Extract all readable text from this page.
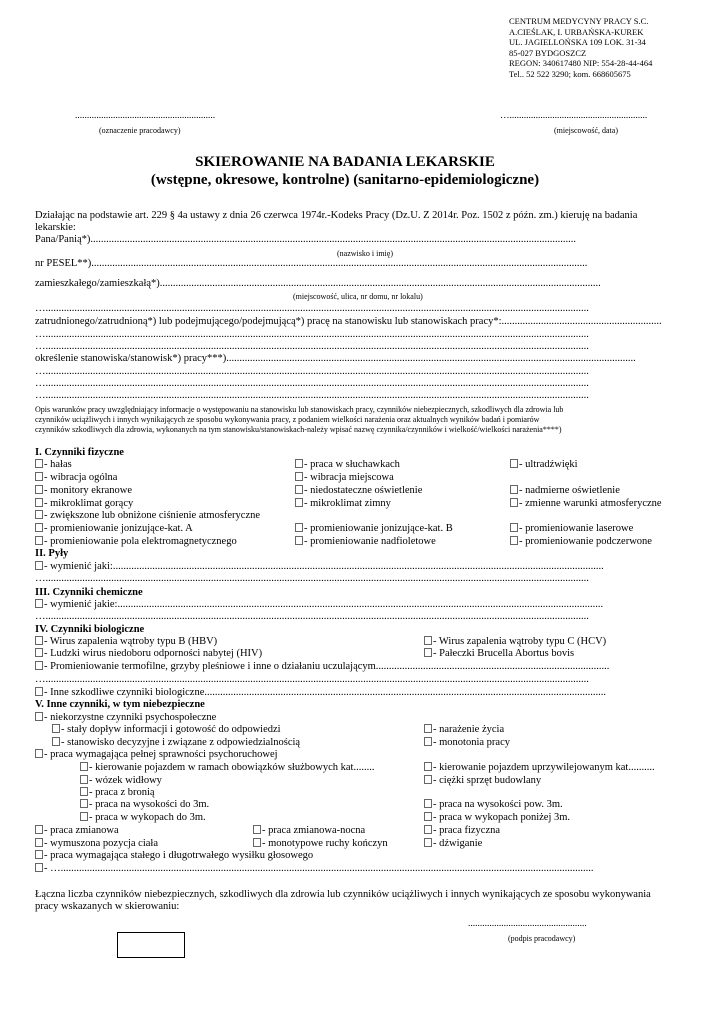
CENTRUM MEDYCYNY PRACY S.C.
A.CIEŚLAK, I. URBAŃSKA-KUREK
UL. JAGIELLOŃSKA 109 LOK. 31-34
85-027 BYDGOSZCZ
REGON: 340617480 NIP: 554-28-44-464
Tel.. 52 522 3290; kom. 668605675
...........................................................
(oznaczenie pracodawcy)
…..........................................................
(miejscowość, data)
SKIEROWANIE NA BADANIA LEKARSKIE
(wstępne, okresowe, kontrolne) (sanitarno-epidemiologiczne)
Działając na podstawie art. 229 § 4a ustawy z dnia 26 czerwca 1974r.-Kodeks Pracy (Dz.U. Z 2014r. Poz. 1502 z późn. zm.) kieruję na badania
lekarskie:
Pana/Panią*).........................................................................................................................................................................................
(nazwisko i imię)
nr PESEL**).............................................................................................................................................................................................
zamieszkałego/zamieszkałą*)........................................................................................................................................................................
(miejscowość, ulica, nr domu, nr lokalu)
…...............................................................................................................................................................................................................
zatrudnionego/zatrudnioną*) lub podejmującego/podejmującą*) pracę na stanowisku lub stanowiskach pracy*:.............................................................
…...............................................................................................................................................................................................................
…...............................................................................................................................................................................................................
określenie stanowiska/stanowisk*) pracy***)............................................................................................................................................................
…...............................................................................................................................................................................................................
…...............................................................................................................................................................................................................
…...............................................................................................................................................................................................................
Opis warunków pracy uwzględniający informacje o występowaniu na stanowisku lub stanowiskach pracy, czynników niebezpiecznych, szkodliwych dla zdrowia lub
czynników uciążliwych i innych wynikających ze sposobu wykonywania pracy, z podaniem wielkości narażenia oraz aktualnych wyników badań i pomiarów
czynników szkodliwych dla zdrowia, wykonanych na tym stanowisku/stanowiskach-należy wpisać nazwę czynnika/czynników i wielkość/wielkości narażenia****)
I. Czynniki fizyczne
- hałas	- praca w słuchawkach	- ultradźwięki
- wibracja ogólna	- wibracja miejscowa
- monitory ekranowe	- niedostateczne oświetlenie	- nadmierne oświetlenie
- mikroklimat gorący	- mikroklimat zimny	- zmienne warunki atmosferyczne
- zwiększone lub obniżone ciśnienie atmosferyczne
- promieniowanie jonizujące-kat. A	- promieniowanie jonizujące-kat. B	- promieniowanie laserowe
- promieniowanie pola elektromagnetycznego	- promieniowanie nadfioletowe	- promieniowanie podczerwone
II. Pyły
- wymienić jaki:...........................................................................................................................................................................................
…...............................................................................................................................................................................................................
III. Czynniki chemiczne
- wymienić jakie:.........................................................................................................................................................................................
…...............................................................................................................................................................................................................
IV. Czynniki biologiczne
- Wirus zapalenia wątroby typu B (HBV)	- Wirus zapalenia wątroby typu C (HCV)
- Ludzki wirus niedoboru odporności nabytej (HIV)	- Pałeczki Brucella Abortus bovis
- Promieniowanie termofilne, grzyby pleśniowe i inne o działaniu uczulającym.........................................................................................
…...............................................................................................................................................................................................................
- Inne szkodliwe czynniki biologiczne.........................................................................................................................................................
V. Inne czynniki, w tym niebezpieczne
- niekorzystne czynniki psychospołeczne
- stały dopływ informacji i gotowość do odpowiedzi	- narażenie życia
- stanowisko decyzyjne i związane z odpowiedzialnością	- monotonia pracy
- praca wymagająca pełnej sprawności psychoruchowej
- kierowanie pojazdem w ramach obowiązków służbowych kat........	- kierowanie pojazdem uprzywilejowanym kat..........
- wózek widłowy	- ciężki sprzęt budowlany
- praca z bronią
- praca na wysokości do 3m.	- praca na wysokości pow. 3m.
- praca w wykopach do 3m.	- praca w wykopach poniżej 3m.
- praca zmianowa	- praca zmianowa-nocna	- praca fizyczna
- wymuszona pozycja ciała	- monotypowe ruchy kończyn	- dźwiganie
- praca wymagająca stałego i długotrwałego wysiłku głosowego
- …...........................................................................................................................................................................................................
Łączna liczba czynników niebezpiecznych, szkodliwych dla zdrowia lub czynników uciążliwych i innych wynikających ze sposobu wykonywania
pracy wskazanych w skierowaniu:
..................................................
(podpis pracodawcy)
